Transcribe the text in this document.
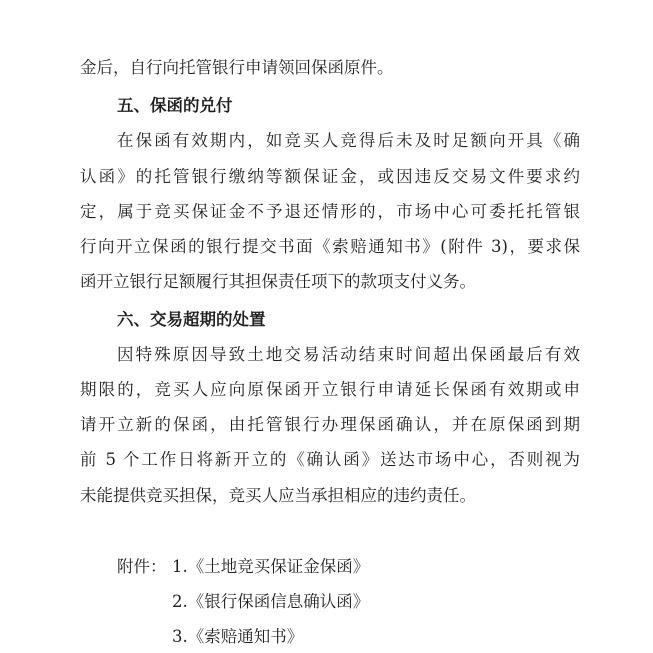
金后，自行向托管银行申请领回保函原件。
五、保函的兑付
在保函有效期内，如竞买人竞得后未及时足额向开具《确
认函》的托管银行缴纳等额保证金，或因违反交易文件要求约
定，属于竞买保证金不予退还情形的，市场中心可委托托管银
行向开立保函的银行提交书面《索赔通知书》(附件 3)，要求保
函开立银行足额履行其担保责任项下的款项支付义务。
六、交易超期的处置
因特殊原因导致土地交易活动结束时间超出保函最后有效
期限的，竞买人应向原保函开立银行申请延长保函有效期或申
请开立新的保函，由托管银行办理保函确认，并在原保函到期
前 5 个工作日将新开立的《确认函》送达市场中心，否则视为
未能提供竞买担保，竞买人应当承担相应的违约责任。
附件： 1.《土地竞买保证金保函》
2.《银行保函信息确认函》
3.《索赔通知书》
